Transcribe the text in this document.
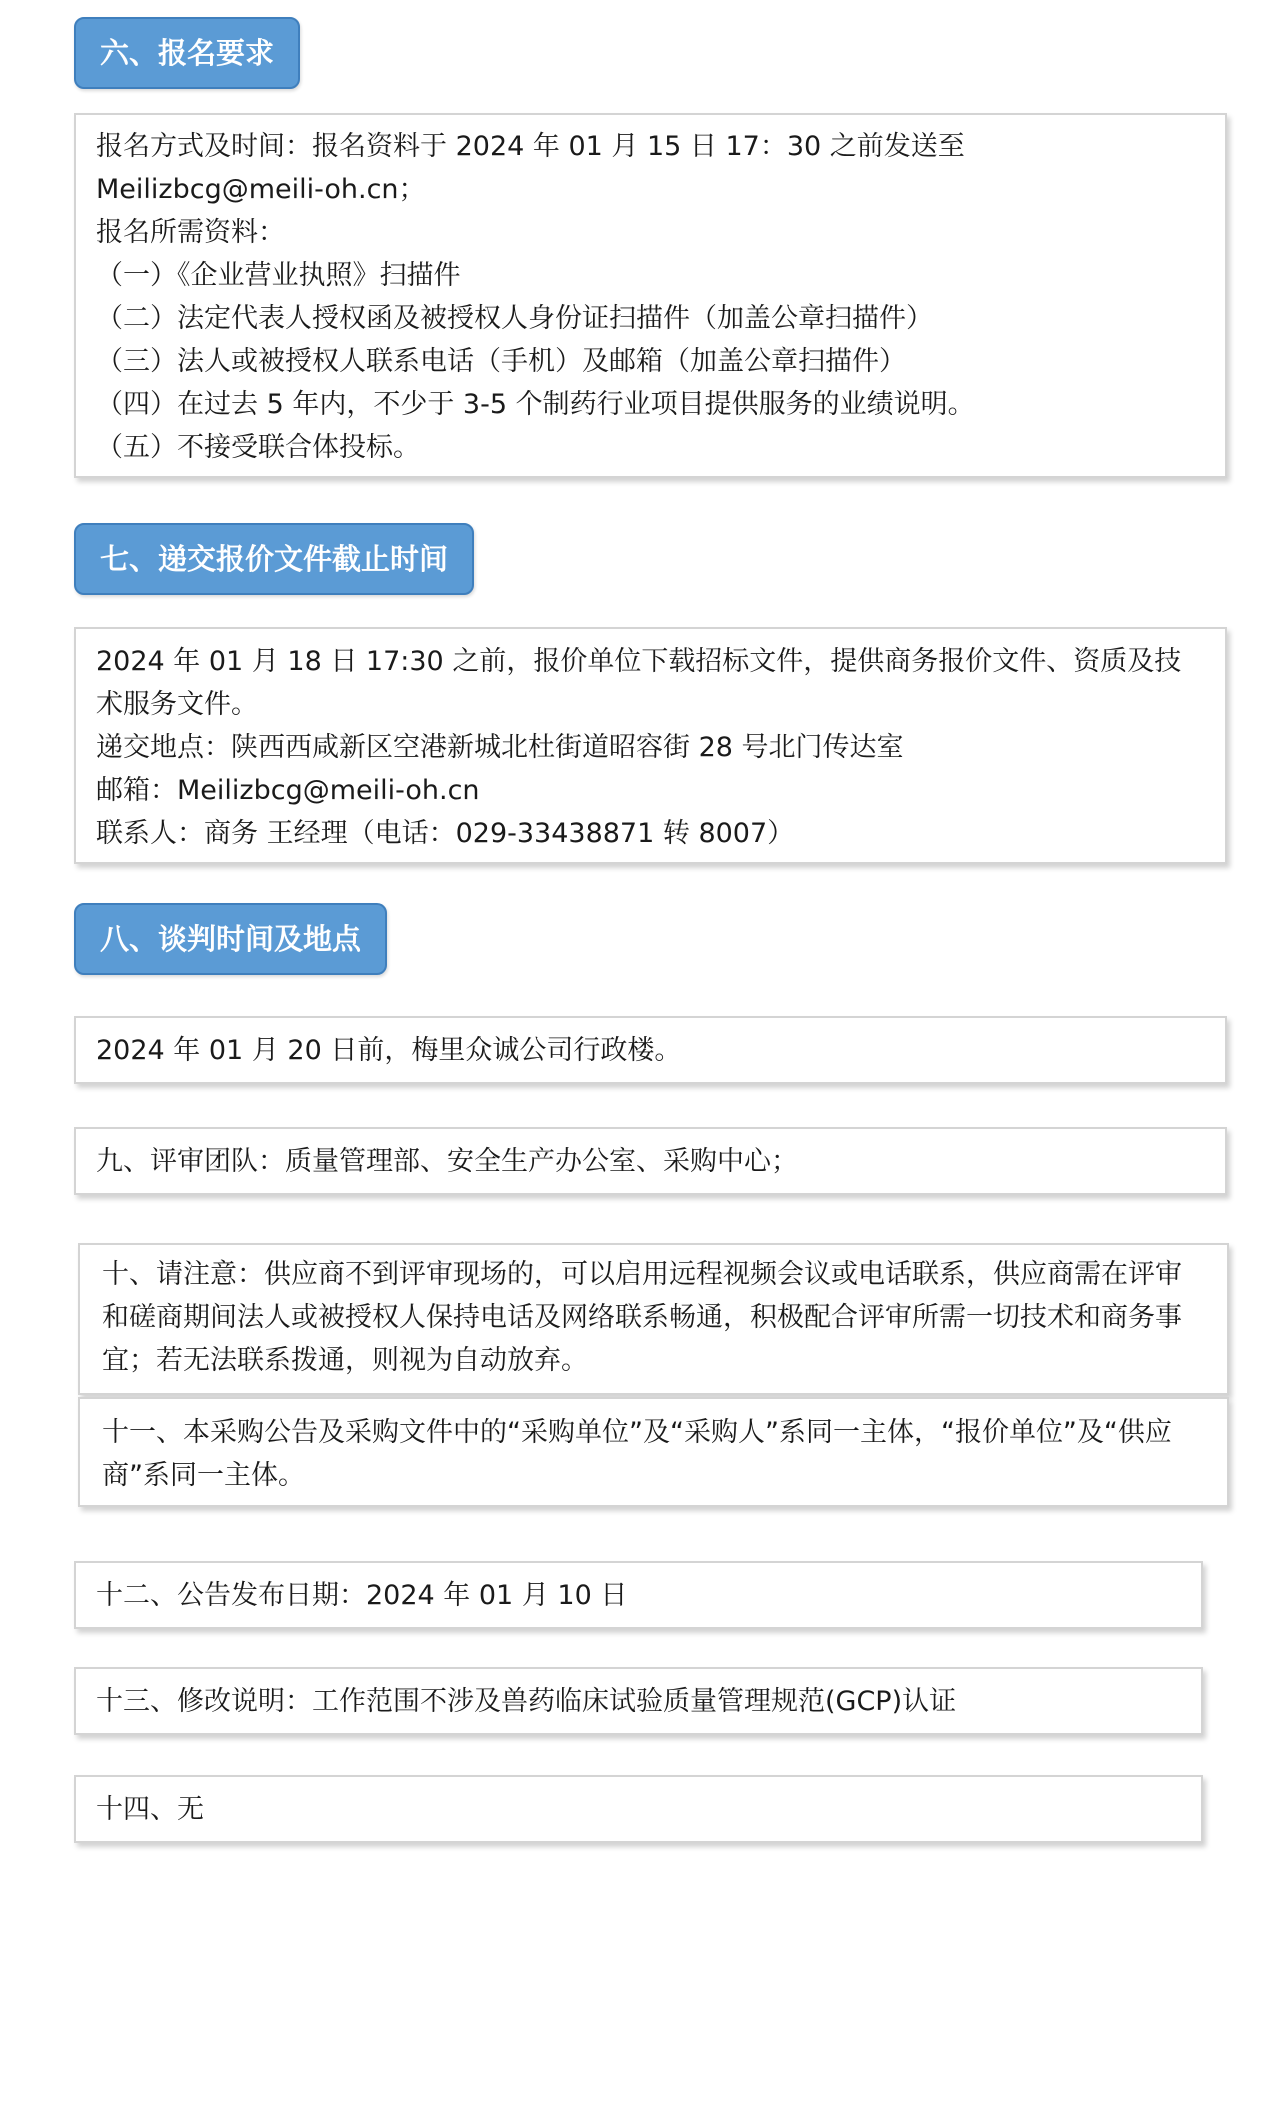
六、报名要求
报名方式及时间：报名资料于 2024 年 01 月 15 日 17：30 之前发送至
Meilizbcg@meili-oh.cn；
报名所需资料：
（一）《企业营业执照》扫描件
（二）法定代表人授权函及被授权人身份证扫描件（加盖公章扫描件）
（三）法人或被授权人联系电话（手机）及邮箱（加盖公章扫描件）
（四）在过去 5 年内，不少于 3-5 个制药行业项目提供服务的业绩说明。
（五）不接受联合体投标。
七、递交报价文件截止时间
2024 年 01 月 18 日 17:30 之前，报价单位下载招标文件，提供商务报价文件、资质及技术服务文件。
递交地点：陕西西咸新区空港新城北杜街道昭容街 28 号北门传达室
邮箱：Meilizbcg@meili-oh.cn
联系人：商务 王经理（电话：029-33438871 转 8007）
八、谈判时间及地点
2024 年 01 月 20 日前，梅里众诚公司行政楼。
九、评审团队：质量管理部、安全生产办公室、采购中心；
十、请注意：供应商不到评审现场的，可以启用远程视频会议或电话联系，供应商需在评审和磋商期间法人或被授权人保持电话及网络联系畅通，积极配合评审所需一切技术和商务事宜；若无法联系拨通，则视为自动放弃。
十一、本采购公告及采购文件中的“采购单位”及“采购人”系同一主体，“报价单位”及“供应商”系同一主体。
十二、公告发布日期：2024 年 01 月 10 日
十三、修改说明：工作范围不涉及兽药临床试验质量管理规范(GCP)认证
十四、无
